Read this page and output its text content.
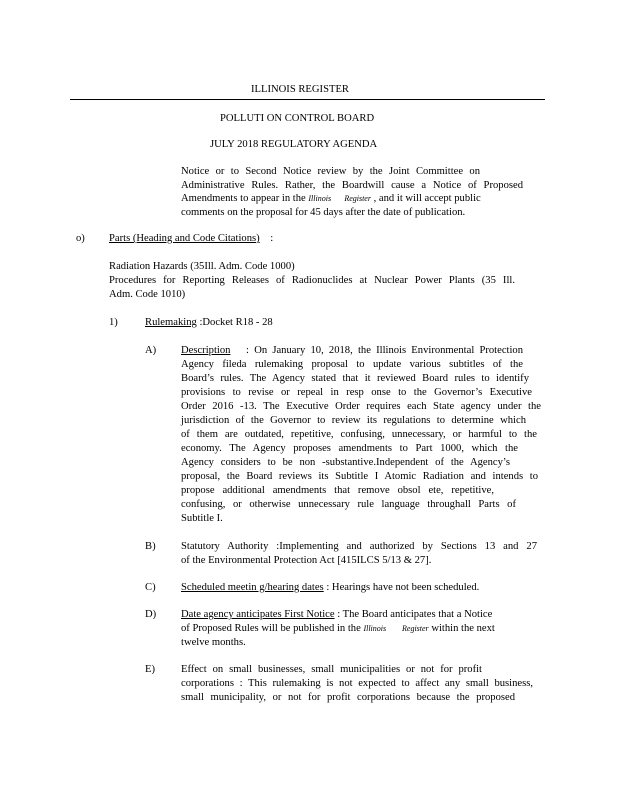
ILLINOIS REGISTER
POLLUTI ON CONTROL BOARD
JULY 2018 REGULATORY AGENDA
Notice or to Second Notice review by the Joint Committee on
Administrative Rules. Rather, the Boardwill cause a Notice of Proposed
Amendments to appear in the Illinois Register , and it will accept public
comments on the proposal for 45 days after the date of publication.
o) Parts (Heading and Code Citations) :
Radiation Hazards (35Ill. Adm. Code 1000)
Procedures for Reporting Releases of Radionuclides at Nuclear Power Plants (35 Ill.
Adm. Code 1010)
1)	Rulemaking :Docket R18 - 28
A) Description : On January 10, 2018, the Illinois Environmental Protection
Agency fileda rulemaking proposal to update various subtitles of the
Board’s rules. The Agency stated that it reviewed Board rules to identify
provisions to revise or repeal in resp onse to the Governor’s Executive
Order 2016 -13. The Executive Order requires each State agency under the
jurisdiction of the Governor to review its regulations to determine which
of them are outdated, repetitive, confusing, unnecessary, or harmful to the
economy. The Agency proposes amendments to Part 1000, which the
Agency considers to be non -substantive.Independent of the Agency’s
proposal, the Board reviews its Subtitle I Atomic Radiation and intends to
propose additional amendments that remove obsol ete, repetitive,
confusing, or otherwise unnecessary rule language throughall Parts of
Subtitle I.
B) Statutory Authority :Implementing and authorized by Sections 13 and 27
of the Environmental Protection Act [415ILCS 5/13 & 27].
C) Scheduled meetin g/hearing dates : Hearings have not been scheduled.
D) Date agency anticipates First Notice : The Board anticipates that a Notice
of Proposed Rules will be published in the Illinois Register within the next
twelve months.
E) Effect on small businesses, small municipalities or not for profit
corporations : This rulemaking is not expected to affect any small business,
small municipality, or not for profit corporations because the proposed
